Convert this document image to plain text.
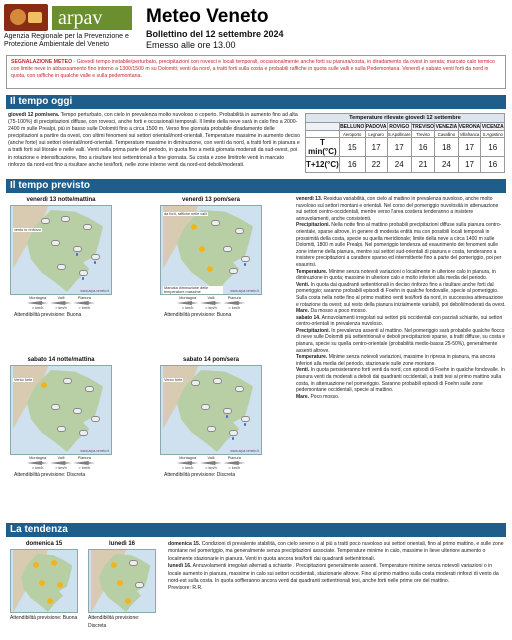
arpav
Agenzia Regionale per la Prevenzione e Protezione Ambientale del Veneto
Meteo Veneto
Bollettino del 12 settembre 2024
Emesso alle ore 13.00
SEGNALAZIONE METEO - Giovedì tempo instabile/perturbato, precipitazioni con rovesci e locali temporali, occasionalmente anche forti su pianura/costa, in diradamento da ovest in serata; marcato calo termico con limite neve in abbassamento fino intorno a 1300/1500 m su Dolomiti; venti da nord, a tratti forti sulla costa e probabili raffiche in quota sulle valli e sulla Pedemontana. Venerdì e sabato venti forti da nord in quota, con raffiche in qualche valle e sulla pedemontana.
Il tempo oggi
giovedì 12 pom/sera. Tempo perturbato, con cielo in prevalenza molto nuvoloso o coperto. Probabilità in aumento fino ad alta (75-100%) di precipitazioni diffuse, con rovesci, anche forti e occasionali temporali. Il limite della neve sarà in calo fino a 2000-2400 m sulle Prealpi, più in basso sulle Dolomiti fino a circa 1500 m. Verso fine giornata probabile diradamento delle precipitazioni a partire da ovest, con ultimi fenomeni sui settori orientali/nord-orientali. Temperature massime in aumento deciso (anche forte) sui settori orientali/nord-orientali. Temperature massime in diminuzione, con venti da nord, a tratti forti in pianura e a tratti forti sul litorale e nelle valli. Venti nella prima parte del periodo, in quota fino a metà giornata moderati da sud-ovest, poi in rotazione e intensificazione, fino a risultare tesi settentrionali a fine giornata. Su costa e zone limitrofe venti in marcato rinforzo da nord-est fino a risultare anche tesi/forti, nelle zone interne venti da nord-est deboli/moderati.
Temperature rilevate giovedì 12 settembre							
	BELLUNO	PADOVA	ROVIGO	TREVISO	VENEZIA	VERONA	VICENZA
	Aeroporto	Legnaro	S.Apollinare	Treviso	Cavallino	Villafranca	S.Agostino
T min(°C)	15	17	17	16	18	17	16
T+12(°C)	16	22	24	21	24	17	16
Il tempo previsto
venerdì 13 notte/mattina
vento in rinforzo
www.arpa.veneto.it
Montagna
> km/h
Valli
> km/h
Pianura
> km/h
Attendibilità previsione: Buona
venerdì 13 pom/sera
da forti, raffiche nelle valli
Marcata diminuzione delle temperature massime	www.arpa.veneto.it
Montagna
> km/h
Valli
> km/h
Pianura
> km/h
Attendibilità previsione: Buona
sabato 14 notte/mattina
Vento forte
www.arpa.veneto.it
Montagna
> km/h
Valli
> km/h
Pianura
> km/h
Attendibilità previsione: Discreta
sabato 14 pom/sera
Vento forte
www.arpa.veneto.it
Montagna
> km/h
Valli
> km/h
Pianura
> km/h
Attendibilità previsione: Discreta
venerdì 13. Residua variabilità, con cielo al mattino in prevalenza nuvoloso, anche molto nuvoloso sui settori montani e orientali. Nel corso del pomeriggio nuvolosità in attenuazione sui settori centro-occidentali, mentre verso l'area costiera tenderanno a insistere annuvolamenti, anche consistenti.
Precipitazioni. Nella notte fino al mattino probabili precipitazioni diffuse sulla pianura centro-orientale, sparse altrove, in genere di modesta entità ma con possibili locali temporali in prossimità della costa, specie su quella meridionale; limite della neve a circa 1400 m sulle Dolomiti, 1800 m sulle Prealpi. Nel pomeriggio tendenza ad esaurimento dei fenomeni sulle zone interne della pianura, mentre sui settori sud-orientali di pianura e costa, tenderanno a insistere precipitazioni a carattere sparso ed intermittente fino a parte del pomeriggio, poi per esaurirsi.
Temperature. Minime senza notevoli variazioni o localmente in ulteriore calo in pianura, in diminuzione in quota; massime in ulteriore calo e molto inferiori alla media del periodo.
Venti. In quota dai quadranti settentrionali in deciso rinforzo fino a risultare anche forti dal pomeriggio; saranno probabili episodi di Foehn in qualche fondovalle, specie al pomeriggio. Sulla costa nella notte fino al primo mattino venti tesi/forti da nord, in successiva attenuazione e rotazione da ovest; sul resto della pianura inizialmente variabili, poi deboli/moderati da ovest.
Mare. Da mosso a poco mosso.
sabato 14. Annuvolamenti irregolari sui settori più occidentali con parziali schiarite, sui settori centro-orientali in prevalenza nuvoloso.
Precipitazioni. In prevalenza assenti al mattino. Nel pomeriggio sarà probabile qualche fiocco di neve sulle Dolomiti più settentrionali e deboli precipitazioni sparse, a tratti diffuse, su costa e pianura, specie su quella centro-orientale (probabilità medio-bassa 25-50%), generalmente assenti altrove.
Temperature. Minime senza notevoli variazioni, massime in ripresa in pianura, ma ancora inferiori alla media del periodo, stazionarie sulle zone montane.
Venti. In quota persisteranno forti venti da nord, con episodi di Foehn in qualche fondovalle. In pianura venti da moderati a deboli dai quadranti occidentali, a tratti tesi al primo mattino sulla costa, in attenuazione nel pomeriggio. Saranno probabili episodi di Foehn sulle zone pedemontane occidentali, specie al mattino.
Mare. Poco mosso.
La tendenza
domenica 15
Attendibilità previsione: Buona
lunedì 16
Attendibilità previsione: Discreta
domenica 15. Condizioni di prevalente stabilità, con cielo sereno o al più a tratti poco nuvoloso sui settori orientali, fino al primo mattino, e sulle zone montane nel pomeriggio, ma generalmente senza precipitazioni associate. Temperature minime in calo, massime in lieve ulteriore aumento o localmente stazionarie in pianura. Venti in quota ancora tesi/forti dai quadranti settentrionali.
lunedì 16. Annuvolamenti irregolari alternati a schiarite . Precipitazioni generalmente assenti. Temperature minime senza notevoli variazioni o in locale aumento in pianura, massime in calo sui settori occidentali, stazionarie altrove. Fino al primo mattino sulla costa moderati rinforzi di vento da nord-est sulla costa. In quota soffieranno ancora venti dai quadranti settentrionali tesi, anche forti nelle prime ore del mattino.
Previsore: R.R.
